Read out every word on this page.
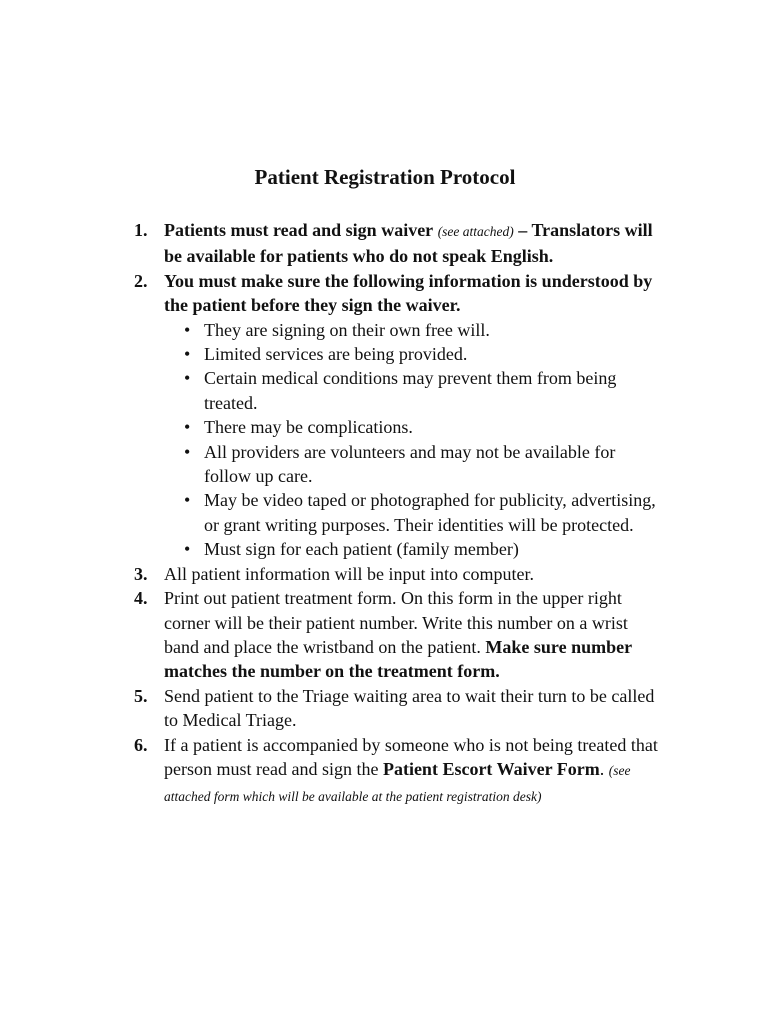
Patient Registration Protocol
1. Patients must read and sign waiver (see attached) – Translators will be available for patients who do not speak English.
2. You must make sure the following information is understood by the patient before they sign the waiver.
• They are signing on their own free will.
• Limited services are being provided.
• Certain medical conditions may prevent them from being treated.
• There may be complications.
• All providers are volunteers and may not be available for follow up care.
• May be video taped or photographed for publicity, advertising, or grant writing purposes. Their identities will be protected.
• Must sign for each patient (family member)
3. All patient information will be input into computer.
4. Print out patient treatment form. On this form in the upper right corner will be their patient number. Write this number on a wrist band and place the wristband on the patient. Make sure number matches the number on the treatment form.
5. Send patient to the Triage waiting area to wait their turn to be called to Medical Triage.
6. If a patient is accompanied by someone who is not being treated that person must read and sign the Patient Escort Waiver Form. (see attached form which will be available at the patient registration desk)
